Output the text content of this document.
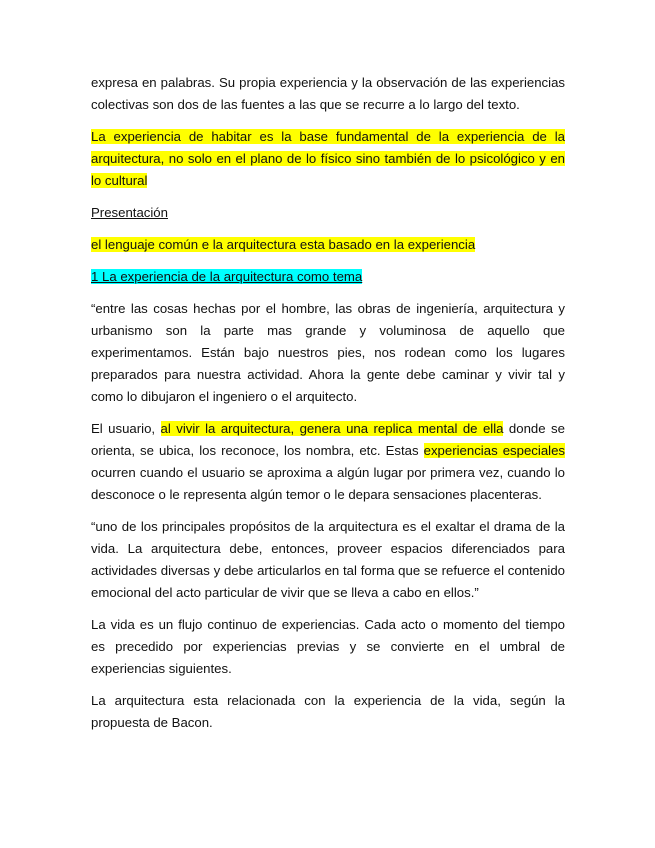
expresa en palabras. Su propia experiencia y la observación de las experiencias colectivas son dos de las fuentes a las que se recurre a lo largo del texto.

La experiencia de habitar es la base fundamental de la experiencia de la arquitectura, no solo en el plano de lo físico sino también de lo psicológico y en lo cultural

Presentación

el lenguaje común e la arquitectura esta basado en la experiencia

1 La experiencia de la arquitectura como tema

“entre las cosas hechas por el hombre, las obras de ingeniería, arquitectura y urbanismo son la parte mas grande y voluminosa de aquello que experimentamos. Están bajo nuestros pies, nos rodean como los lugares preparados para nuestra actividad. Ahora la gente debe caminar y vivir tal y como lo dibujaron el ingeniero o el arquitecto.

El usuario, al vivir la arquitectura, genera una replica mental de ella donde se orienta, se ubica, los reconoce, los nombra, etc. Estas experiencias especiales ocurren cuando el usuario se aproxima a algún lugar por primera vez, cuando lo desconoce o le representa algún temor o le depara sensaciones placenteras.

“uno de los principales propósitos de la arquitectura es el exaltar el drama de la vida. La arquitectura debe, entonces, proveer espacios diferenciados para actividades diversas y debe articularlos en tal forma que se refuerce el contenido emocional del acto particular de vivir que se lleva a cabo en ellos.”

La vida es un flujo continuo de experiencias. Cada acto o momento del tiempo es precedido por experiencias previas y se convierte en el umbral de experiencias siguientes.

La arquitectura esta relacionada con la experiencia de la vida, según la propuesta de Bacon.
